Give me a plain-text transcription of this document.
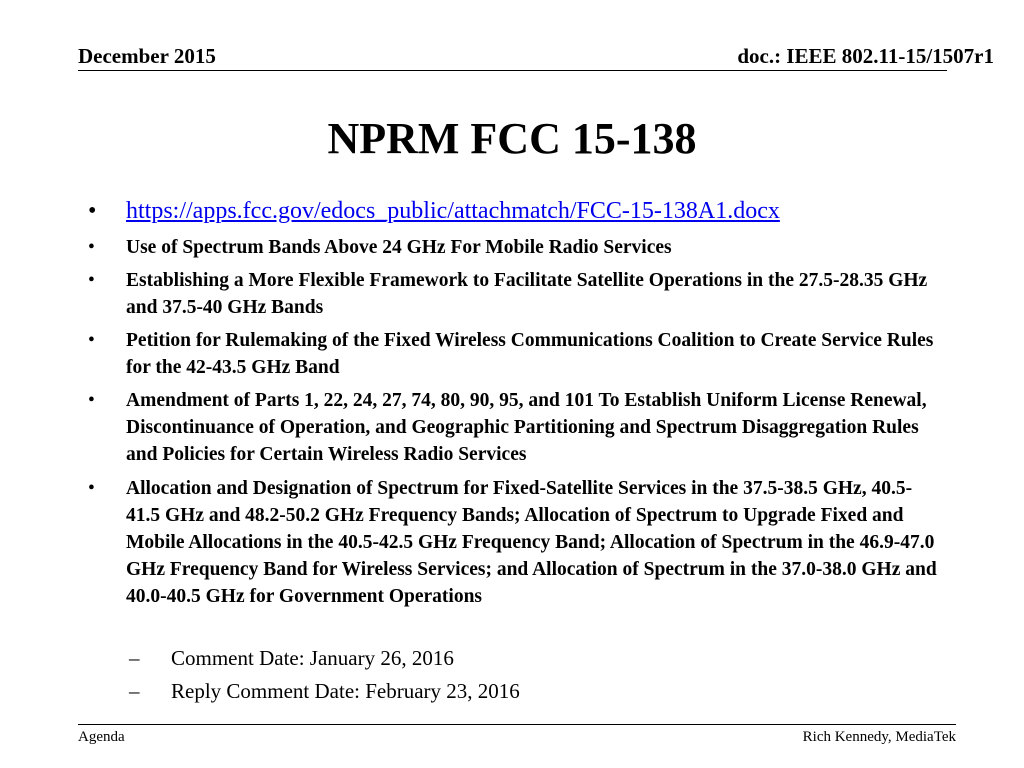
December 2015	doc.: IEEE 802.11-15/1507r1
NPRM FCC 15-138
• https://apps.fcc.gov/edocs_public/attachmatch/FCC-15-138A1.docx
• Use of Spectrum Bands Above 24 GHz For Mobile Radio Services
• Establishing a More Flexible Framework to Facilitate Satellite Operations in the 27.5-28.35 GHz and 37.5-40 GHz Bands
• Petition for Rulemaking of the Fixed Wireless Communications Coalition to Create Service Rules for the 42-43.5 GHz Band
• Amendment of Parts 1, 22, 24, 27, 74, 80, 90, 95, and 101 To Establish Uniform License Renewal, Discontinuance of Operation, and Geographic Partitioning and Spectrum Disaggregation Rules and Policies for Certain Wireless Radio Services
• Allocation and Designation of Spectrum for Fixed-Satellite Services in the 37.5-38.5 GHz, 40.5-41.5 GHz and 48.2-50.2 GHz Frequency Bands; Allocation of Spectrum to Upgrade Fixed and Mobile Allocations in the 40.5-42.5 GHz Frequency Band; Allocation of Spectrum in the 46.9-47.0 GHz Frequency Band for Wireless Services; and Allocation of Spectrum in the 37.0-38.0 GHz and 40.0-40.5 GHz for Government Operations
– Comment Date: January 26, 2016
– Reply Comment Date: February 23, 2016
Agenda	Rich Kennedy, MediaTek
